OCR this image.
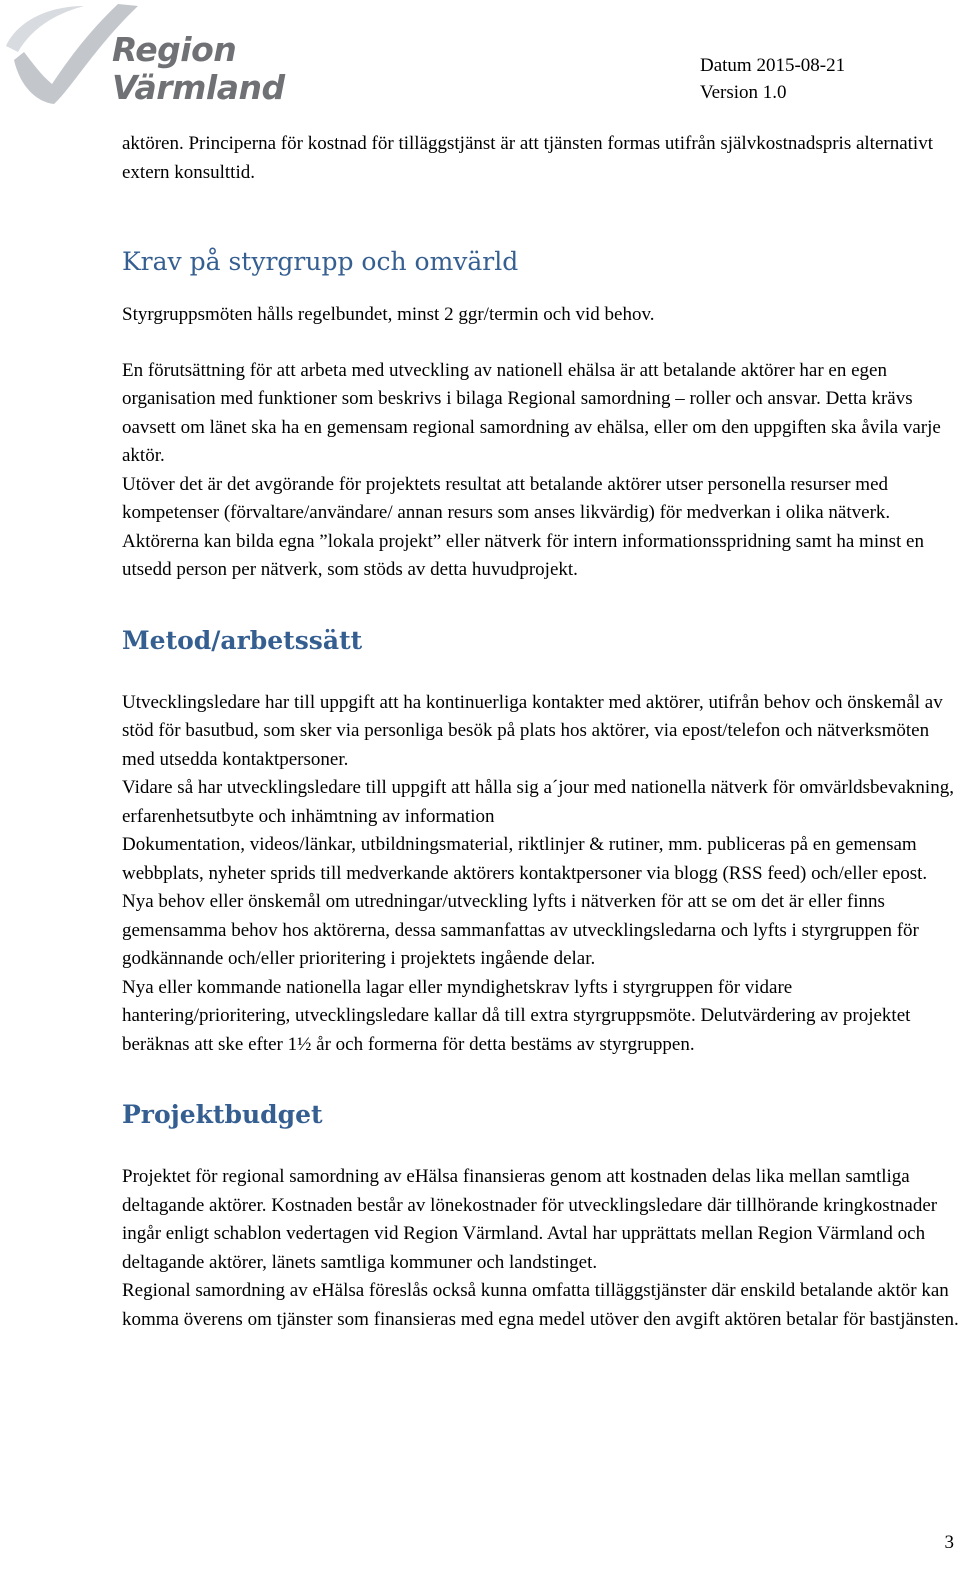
Region
Värmland
Datum 2015-08-21
Version 1.0

aktören. Principerna för kostnad för tilläggstjänst är att tjänsten formas utifrån självkostnadspris alternativt extern konsulttid.

Krav på styrgrupp och omvärld

Styrgruppsmöten hålls regelbundet, minst 2 ggr/termin och vid behov.

En förutsättning för att arbeta med utveckling av nationell ehälsa är att betalande aktörer har en egen organisation med funktioner som beskrivs i bilaga Regional samordning – roller och ansvar. Detta krävs oavsett om länet ska ha en gemensam regional samordning av ehälsa, eller om den uppgiften ska åvila varje aktör.

Utöver det är det avgörande för projektets resultat att betalande aktörer utser personella resurser med kompetenser (förvaltare/användare/ annan resurs som anses likvärdig) för medverkan i olika nätverk.

Aktörerna kan bilda egna ”lokala projekt” eller nätverk för intern informationsspridning samt ha minst en utsedd person per nätverk, som stöds av detta huvudprojekt.

Metod/arbetssätt

Utvecklingsledare har till uppgift att ha kontinuerliga kontakter med aktörer, utifrån behov och önskemål av stöd för basutbud, som sker via personliga besök på plats hos aktörer, via epost/telefon och nätverksmöten med utsedda kontaktpersoner.

Vidare så har utvecklingsledare till uppgift att hålla sig a´jour med nationella nätverk för omvärldsbevakning, erfarenhetsutbyte och inhämtning av information

Dokumentation, videos/länkar, utbildningsmaterial, riktlinjer & rutiner, mm. publiceras på en gemensam webbplats, nyheter sprids till medverkande aktörers kontaktpersoner via blogg (RSS feed) och/eller epost.

Nya behov eller önskemål om utredningar/utveckling lyfts i nätverken för att se om det är eller finns gemensamma behov hos aktörerna, dessa sammanfattas av utvecklingsledarna och lyfts i styrgruppen för godkännande och/eller prioritering i projektets ingående delar.

Nya eller kommande nationella lagar eller myndighetskrav lyfts i styrgruppen för vidare hantering/prioritering, utvecklingsledare kallar då till extra styrgruppsmöte. Delutvärdering av projektet beräknas att ske efter 1½ år och formerna för detta bestäms av styrgruppen.

Projektbudget

Projektet för regional samordning av eHälsa finansieras genom att kostnaden delas lika mellan samtliga deltagande aktörer. Kostnaden består av lönekostnader för utvecklingsledare där tillhörande kringkostnader ingår enligt schablon vedertagen vid Region Värmland. Avtal har upprättats mellan Region Värmland och deltagande aktörer, länets samtliga kommuner och landstinget.

Regional samordning av eHälsa föreslås också kunna omfatta tilläggstjänster där enskild betalande aktör kan komma överens om tjänster som finansieras med egna medel utöver den avgift aktören betalar för bastjänsten.

3
